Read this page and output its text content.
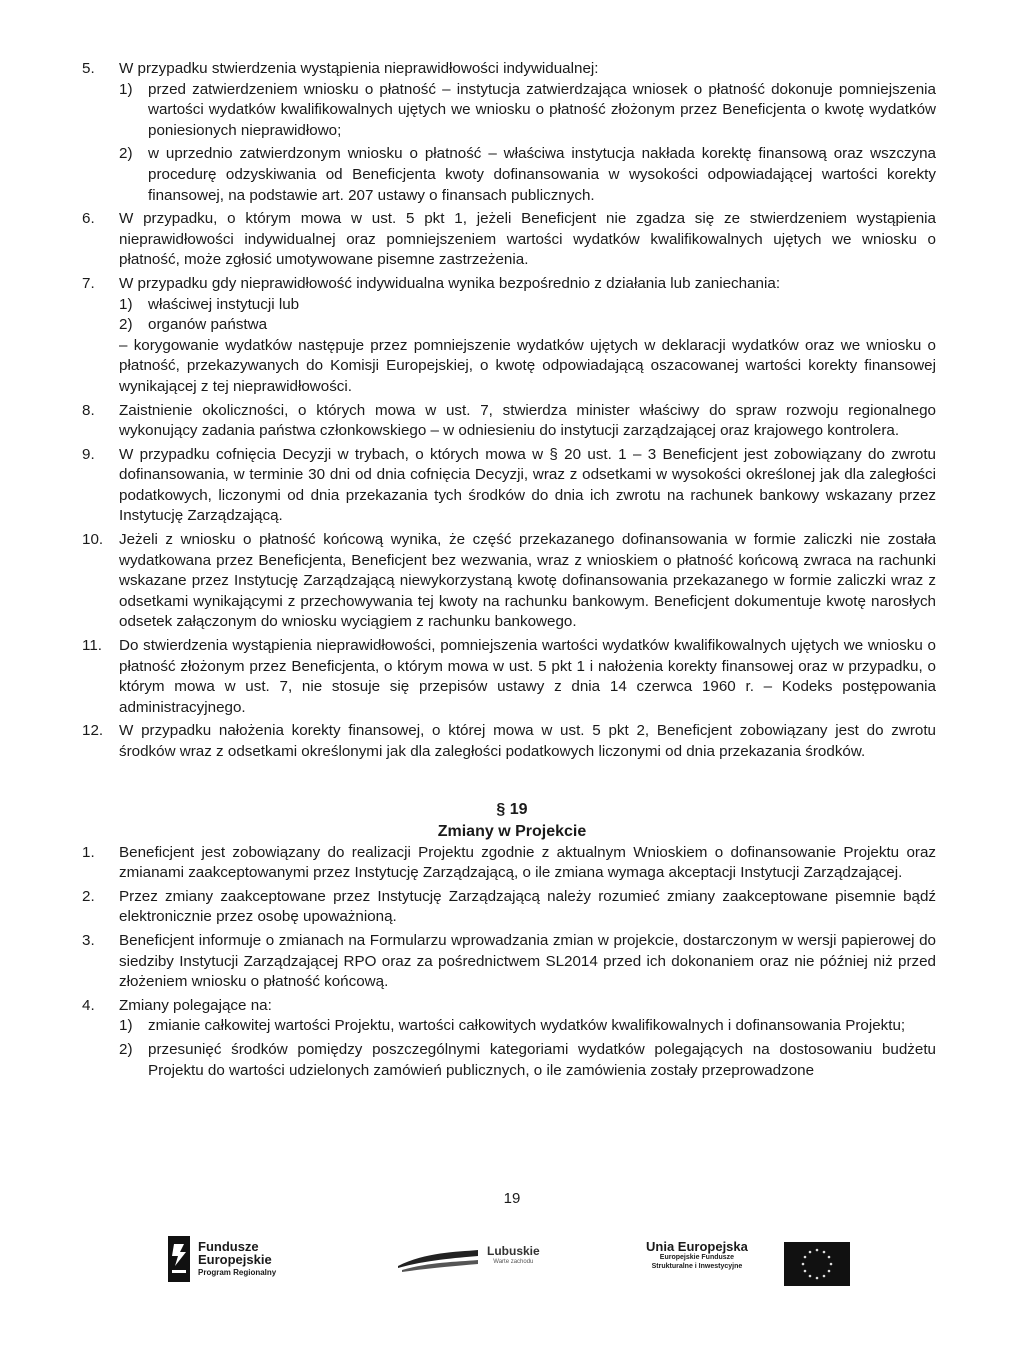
5. W przypadku stwierdzenia wystąpienia nieprawidłowości indywidualnej:
1) przed zatwierdzeniem wniosku o płatność – instytucja zatwierdzająca wniosek o płatność dokonuje pomniejszenia wartości wydatków kwalifikowalnych ujętych we wniosku o płatność złożonym przez Beneficjenta o kwotę wydatków poniesionych nieprawidłowo;
2) w uprzednio zatwierdzonym wniosku o płatność – właściwa instytucja nakłada korektę finansową oraz wszczyna procedurę odzyskiwania od Beneficjenta kwoty dofinansowania w wysokości odpowiadającej wartości korekty finansowej, na podstawie art. 207 ustawy o finansach publicznych.
6. W przypadku, o którym mowa w ust. 5 pkt 1, jeżeli Beneficjent nie zgadza się ze stwierdzeniem wystąpienia nieprawidłowości indywidualnej oraz pomniejszeniem wartości wydatków kwalifikowalnych ujętych we wniosku o płatność, może zgłosić umotywowane pisemne zastrzeżenia.
7. W przypadku gdy nieprawidłowość indywidualna wynika bezpośrednio z działania lub zaniechania:
1) właściwej instytucji lub
2) organów państwa
– korygowanie wydatków następuje przez pomniejszenie wydatków ujętych w deklaracji wydatków oraz we wniosku o płatność, przekazywanych do Komisji Europejskiej, o kwotę odpowiadającą oszacowanej wartości korekty finansowej wynikającej z tej nieprawidłowości.
8. Zaistnienie okoliczności, o których mowa w ust. 7, stwierdza minister właściwy do spraw rozwoju regionalnego wykonujący zadania państwa członkowskiego – w odniesieniu do instytucji zarządzającej oraz krajowego kontrolera.
9. W przypadku cofnięcia Decyzji w trybach, o których mowa w § 20 ust. 1 – 3 Beneficjent jest zobowiązany do zwrotu dofinansowania, w terminie 30 dni od dnia cofnięcia Decyzji, wraz z odsetkami w wysokości określonej jak dla zaległości podatkowych, liczonymi od dnia przekazania tych środków do dnia ich zwrotu na rachunek bankowy wskazany przez Instytucję Zarządzającą.
10. Jeżeli z wniosku o płatność końcową wynika, że część przekazanego dofinansowania w formie zaliczki nie została wydatkowana przez Beneficjenta, Beneficjent bez wezwania, wraz z wnioskiem o płatność końcową zwraca na rachunki wskazane przez Instytucję Zarządzającą niewykorzystaną kwotę dofinansowania przekazanego w formie zaliczki wraz z odsetkami wynikającymi z przechowywania tej kwoty na rachunku bankowym. Beneficjent dokumentuje kwotę narosłych odsetek załączonym do wniosku wyciągiem z rachunku bankowego.
11. Do stwierdzenia wystąpienia nieprawidłowości, pomniejszenia wartości wydatków kwalifikowalnych ujętych we wniosku o płatność złożonym przez Beneficjenta, o którym mowa w ust. 5 pkt 1 i nałożenia korekty finansowej oraz w przypadku, o którym mowa w ust. 7, nie stosuje się przepisów ustawy z dnia 14 czerwca 1960 r. – Kodeks postępowania administracyjnego.
12. W przypadku nałożenia korekty finansowej, o której mowa w ust. 5 pkt 2, Beneficjent zobowiązany jest do zwrotu środków wraz z odsetkami określonymi jak dla zaległości podatkowych liczonymi od dnia przekazania środków.
§ 19
Zmiany w Projekcie
1. Beneficjent jest zobowiązany do realizacji Projektu zgodnie z aktualnym Wnioskiem o dofinansowanie Projektu oraz zmianami zaakceptowanymi przez Instytucję Zarządzającą, o ile zmiana wymaga akceptacji Instytucji Zarządzającej.
2. Przez zmiany zaakceptowane przez Instytucję Zarządzającą należy rozumieć zmiany zaakceptowane pisemnie bądź elektronicznie przez osobę upoważnioną.
3. Beneficjent informuje o zmianach na Formularzu wprowadzania zmian w projekcie, dostarczonym w wersji papierowej do siedziby Instytucji Zarządzającej RPO oraz za pośrednictwem SL2014 przed ich dokonaniem oraz nie później niż przed złożeniem wniosku o płatność końcową.
4. Zmiany polegające na:
1) zmianie całkowitej wartości Projektu, wartości całkowitych wydatków kwalifikowalnych i dofinansowania Projektu;
2) przesunięć środków pomiędzy poszczególnymi kategoriami wydatków polegających na dostosowaniu budżetu Projektu do wartości udzielonych zamówień publicznych, o ile zamówienia zostały przeprowadzone
19
Fundusze
Europejskie
Program Regionalny
Lubuskie
Warte zachodu
Unia Europejska
Europejskie Fundusze
Strukturalne i Inwestycyjne
